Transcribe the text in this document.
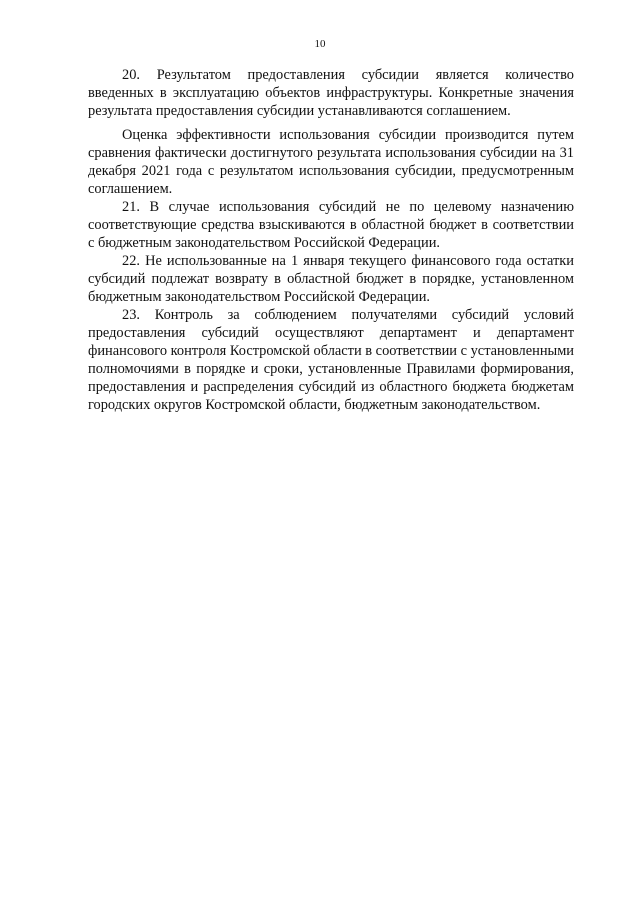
10

20. Результатом предоставления субсидии является количество введенных в эксплуатацию объектов инфраструктуры. Конкретные значения результата предоставления субсидии устанавливаются соглашением.

Оценка эффективности использования субсидии производится путем сравнения фактически достигнутого результата использования субсидии на 31 декабря 2021 года с результатом использования субсидии, предусмотренным соглашением.

21. В случае использования субсидий не по целевому назначению соответствующие средства взыскиваются в областной бюджет в соответствии с бюджетным законодательством Российской Федерации.

22. Не использованные на 1 января текущего финансового года остатки субсидий подлежат возврату в областной бюджет в порядке, установленном бюджетным законодательством Российской Федерации.

23. Контроль за соблюдением получателями субсидий условий предоставления субсидий осуществляют департамент и департамент финансового контроля Костромской области в соответствии с установленными полномочиями в порядке и сроки, установленные Правилами формирования, предоставления и распределения субсидий из областного бюджета бюджетам городских округов Костромской области, бюджетным законодательством.
